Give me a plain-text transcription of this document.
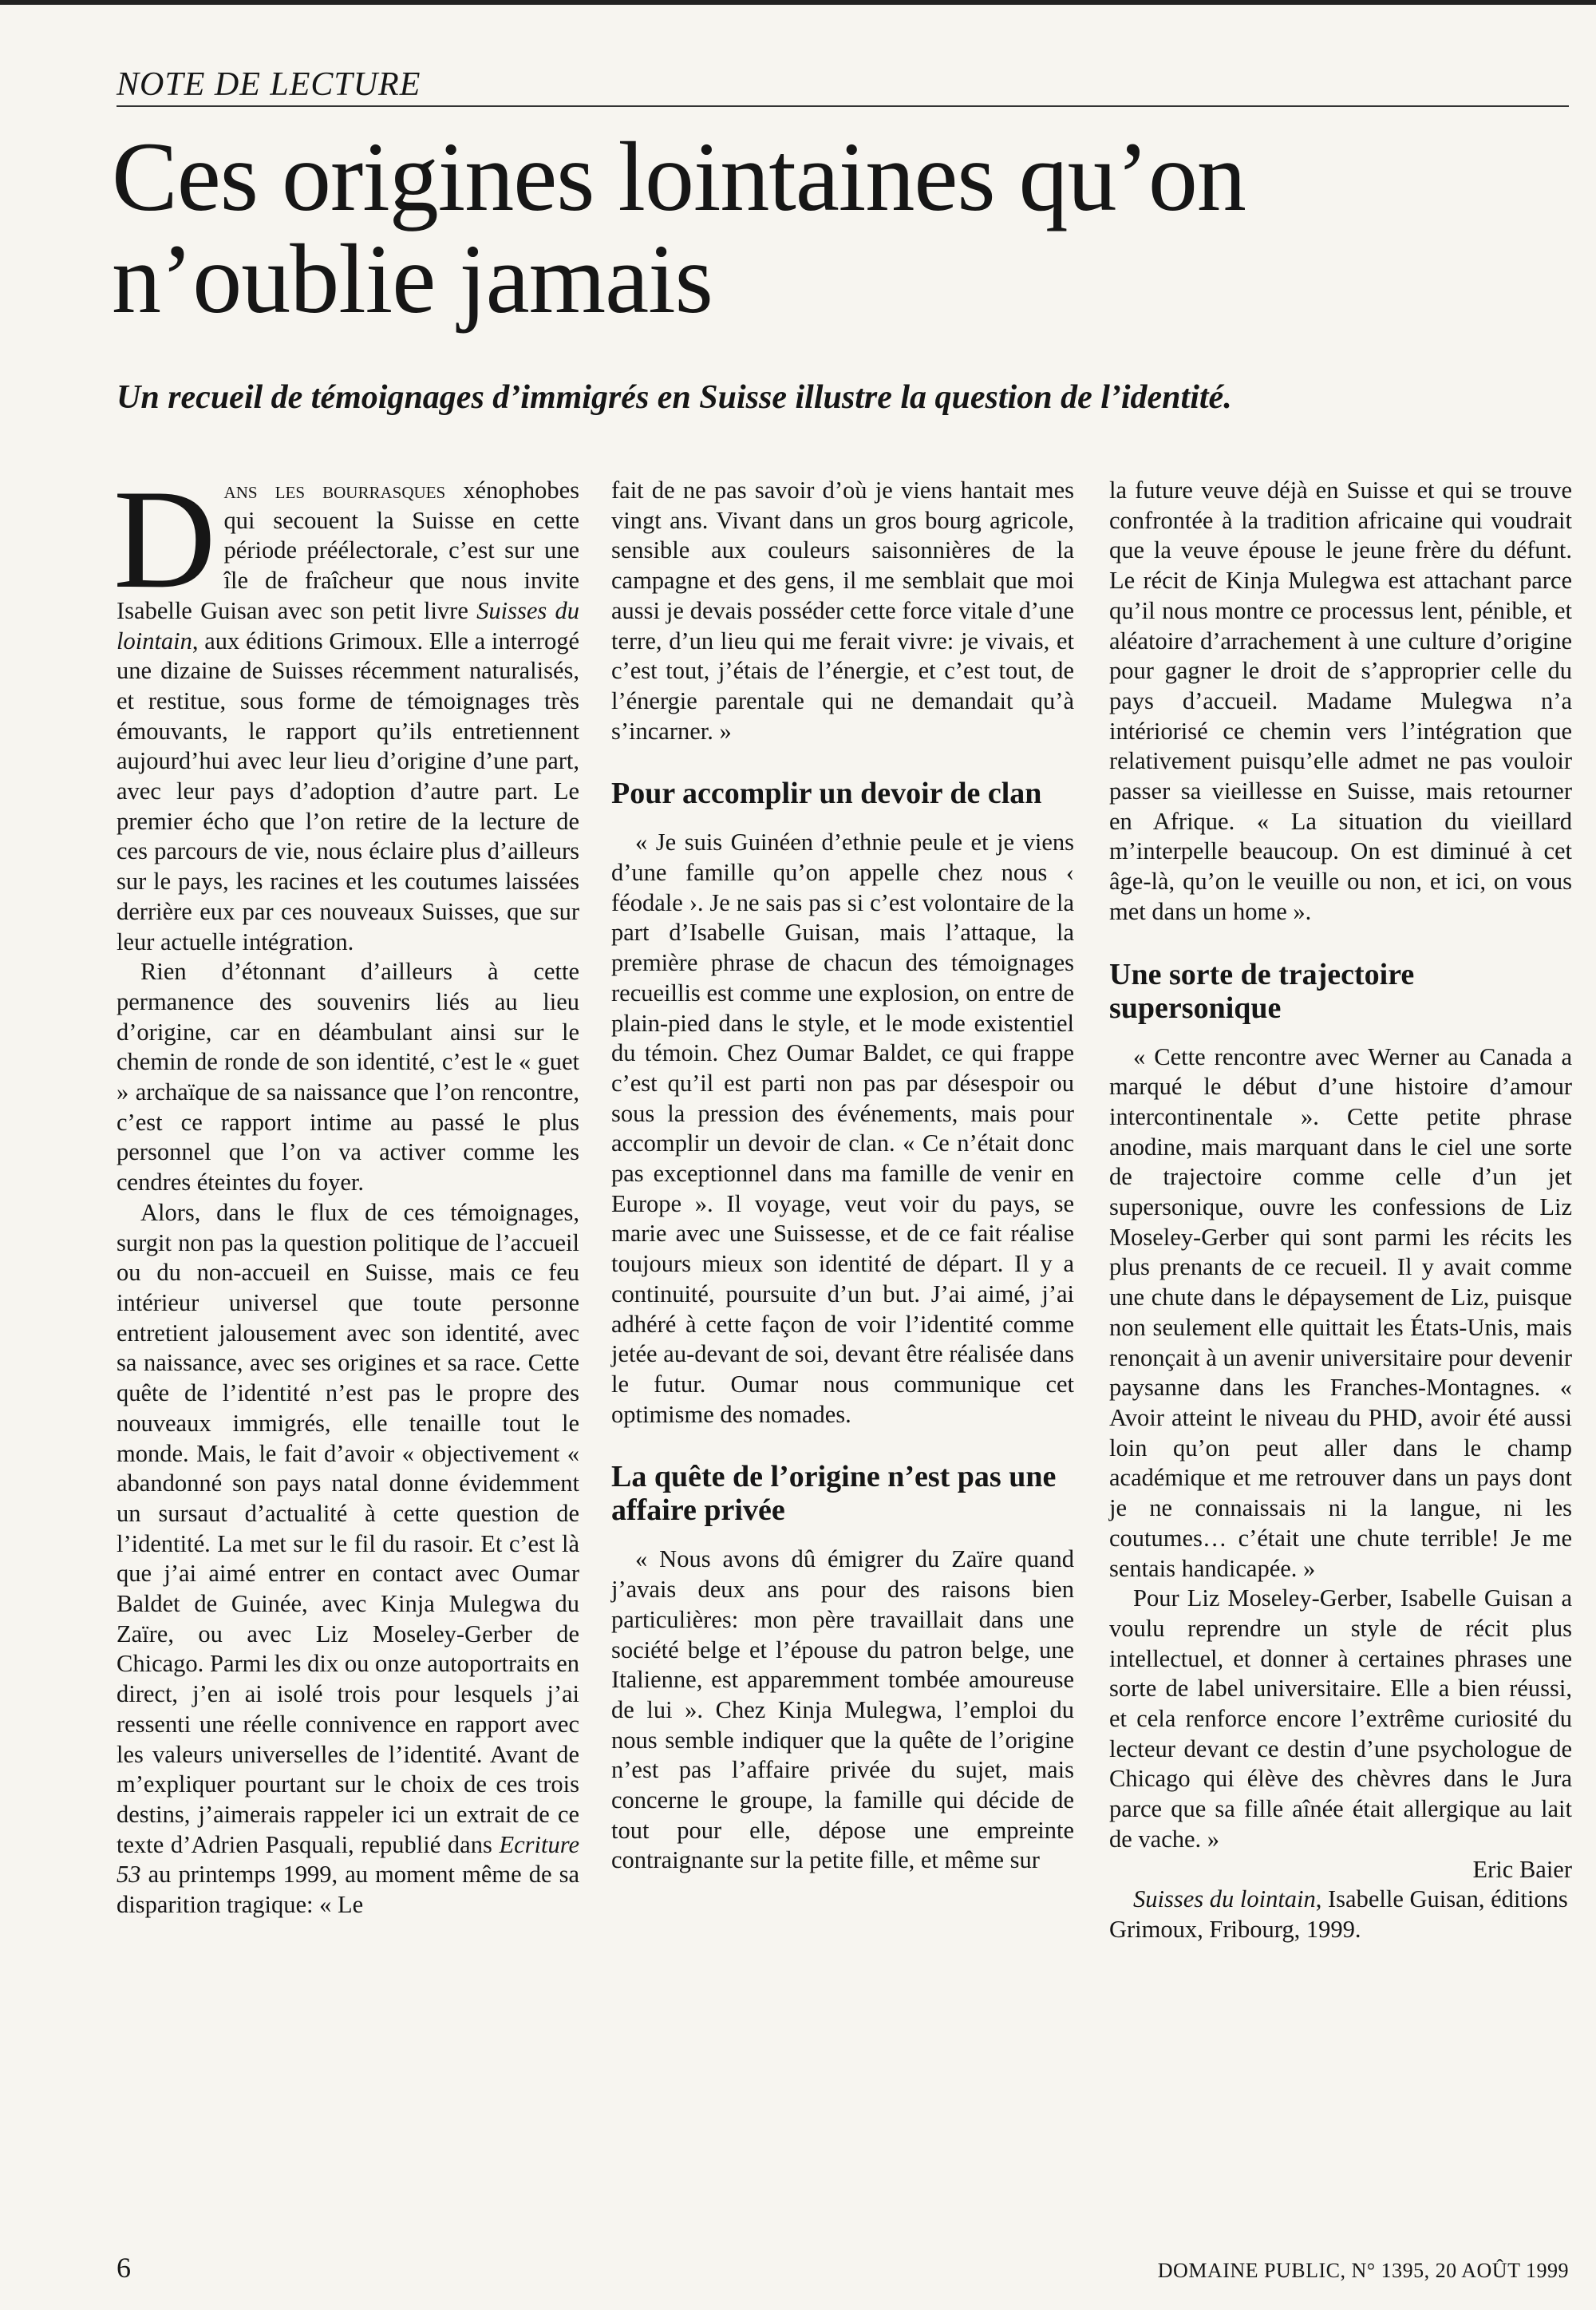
NOTE DE LECTURE
Ces origines lointaines qu’on
n’oublie jamais

Un recueil de témoignages d’immigrés en Suisse illustre la question de l’identité.

Dans les bourrasques xénophobes qui secouent la Suisse en cette période préélectorale, c’est sur une île de fraîcheur que nous invite Isabelle Guisan avec son petit livre Suisses du lointain, aux éditions Grimoux. Elle a interrogé une dizaine de Suisses récemment naturalisés, et restitue, sous forme de témoignages très émouvants, le rapport qu’ils entretiennent aujourd’hui avec leur lieu d’origine d’une part, avec leur pays d’adoption d’autre part. Le premier écho que l’on retire de la lecture de ces parcours de vie, nous éclaire plus d’ailleurs sur le pays, les racines et les coutumes laissées derrière eux par ces nouveaux Suisses, que sur leur actuelle intégration.

Rien d’étonnant d’ailleurs à cette permanence des souvenirs liés au lieu d’origine, car en déambulant ainsi sur le chemin de ronde de son identité, c’est le « guet » archaïque de sa naissance que l’on rencontre, c’est ce rapport intime au passé le plus personnel que l’on va activer comme les cendres éteintes du foyer.

Alors, dans le flux de ces témoignages, surgit non pas la question politique de l’accueil ou du non-accueil en Suisse, mais ce feu intérieur universel que toute personne entretient jalousement avec son identité, avec sa naissance, avec ses origines et sa race. Cette quête de l’identité n’est pas le propre des nouveaux immigrés, elle tenaille tout le monde. Mais, le fait d’avoir « objectivement « abandonné son pays natal donne évidemment un sursaut d’actualité à cette question de l’identité. La met sur le fil du rasoir. Et c’est là que j’ai aimé entrer en contact avec Oumar Baldet de Guinée, avec Kinja Mulegwa du Zaïre, ou avec Liz Moseley-Gerber de Chicago. Parmi les dix ou onze autoportraits en direct, j’en ai isolé trois pour lesquels j’ai ressenti une réelle connivence en rapport avec les valeurs universelles de l’identité. Avant de m’expliquer pourtant sur le choix de ces trois destins, j’aimerais rappeler ici un extrait de ce texte d’Adrien Pasquali, republié dans Ecriture 53 au printemps 1999, au moment même de sa disparition tragique: « Le

fait de ne pas savoir d’où je viens hantait mes vingt ans. Vivant dans un gros bourg agricole, sensible aux couleurs saisonnières de la campagne et des gens, il me semblait que moi aussi je devais posséder cette force vitale d’une terre, d’un lieu qui me ferait vivre: je vivais, et c’est tout, j’étais de l’énergie, et c’est tout, de l’énergie parentale qui ne demandait qu’à s’incarner. »

Pour accomplir un devoir de clan

« Je suis Guinéen d’ethnie peule et je viens d’une famille qu’on appelle chez nous ‹ féodale ›. Je ne sais pas si c’est volontaire de la part d’Isabelle Guisan, mais l’attaque, la première phrase de chacun des témoignages recueillis est comme une explosion, on entre de plain-pied dans le style, et le mode existentiel du témoin. Chez Oumar Baldet, ce qui frappe c’est qu’il est parti non pas par désespoir ou sous la pression des événements, mais pour accomplir un devoir de clan. « Ce n’était donc pas exceptionnel dans ma famille de venir en Europe ». Il voyage, veut voir du pays, se marie avec une Suissesse, et de ce fait réalise toujours mieux son identité de départ. Il y a continuité, poursuite d’un but. J’ai aimé, j’ai adhéré à cette façon de voir l’identité comme jetée au-devant de soi, devant être réalisée dans le futur. Oumar nous communique cet optimisme des nomades.

La quête de l’origine n’est pas une affaire privée

« Nous avons dû émigrer du Zaïre quand j’avais deux ans pour des raisons bien particulières: mon père travaillait dans une société belge et l’épouse du patron belge, une Italienne, est apparemment tombée amoureuse de lui ». Chez Kinja Mulegwa, l’emploi du nous semble indiquer que la quête de l’origine n’est pas l’affaire privée du sujet, mais concerne le groupe, la famille qui décide de tout pour elle, dépose une empreinte contraignante sur la petite fille, et même sur

la future veuve déjà en Suisse et qui se trouve confrontée à la tradition africaine qui voudrait que la veuve épouse le jeune frère du défunt. Le récit de Kinja Mulegwa est attachant parce qu’il nous montre ce processus lent, pénible, et aléatoire d’arrachement à une culture d’origine pour gagner le droit de s’approprier celle du pays d’accueil. Madame Mulegwa n’a intériorisé ce chemin vers l’intégration que relativement puisqu’elle admet ne pas vouloir passer sa vieillesse en Suisse, mais retourner en Afrique. « La situation du vieillard m’interpelle beaucoup. On est diminué à cet âge-là, qu’on le veuille ou non, et ici, on vous met dans un home ».

Une sorte de trajectoire supersonique

« Cette rencontre avec Werner au Canada a marqué le début d’une histoire d’amour intercontinentale ». Cette petite phrase anodine, mais marquant dans le ciel une sorte de trajectoire comme celle d’un jet supersonique, ouvre les confessions de Liz Moseley-Gerber qui sont parmi les récits les plus prenants de ce recueil. Il y avait comme une chute dans le dépaysement de Liz, puisque non seulement elle quittait les États-Unis, mais renonçait à un avenir universitaire pour devenir paysanne dans les Franches-Montagnes. « Avoir atteint le niveau du PHD, avoir été aussi loin qu’on peut aller dans le champ académique et me retrouver dans un pays dont je ne connaissais ni la langue, ni les coutumes… c’était une chute terrible! Je me sentais handicapée. »

Pour Liz Moseley-Gerber, Isabelle Guisan a voulu reprendre un style de récit plus intellectuel, et donner à certaines phrases une sorte de label universitaire. Elle a bien réussi, et cela renforce encore l’extrême curiosité du lecteur devant ce destin d’une psychologue de Chicago qui élève des chèvres dans le Jura parce que sa fille aînée était allergique au lait de vache. »

Eric Baier

Suisses du lointain, Isabelle Guisan, éditions Grimoux, Fribourg, 1999.

6	DOMAINE PUBLIC, N° 1395, 20 AOÛT 1999
